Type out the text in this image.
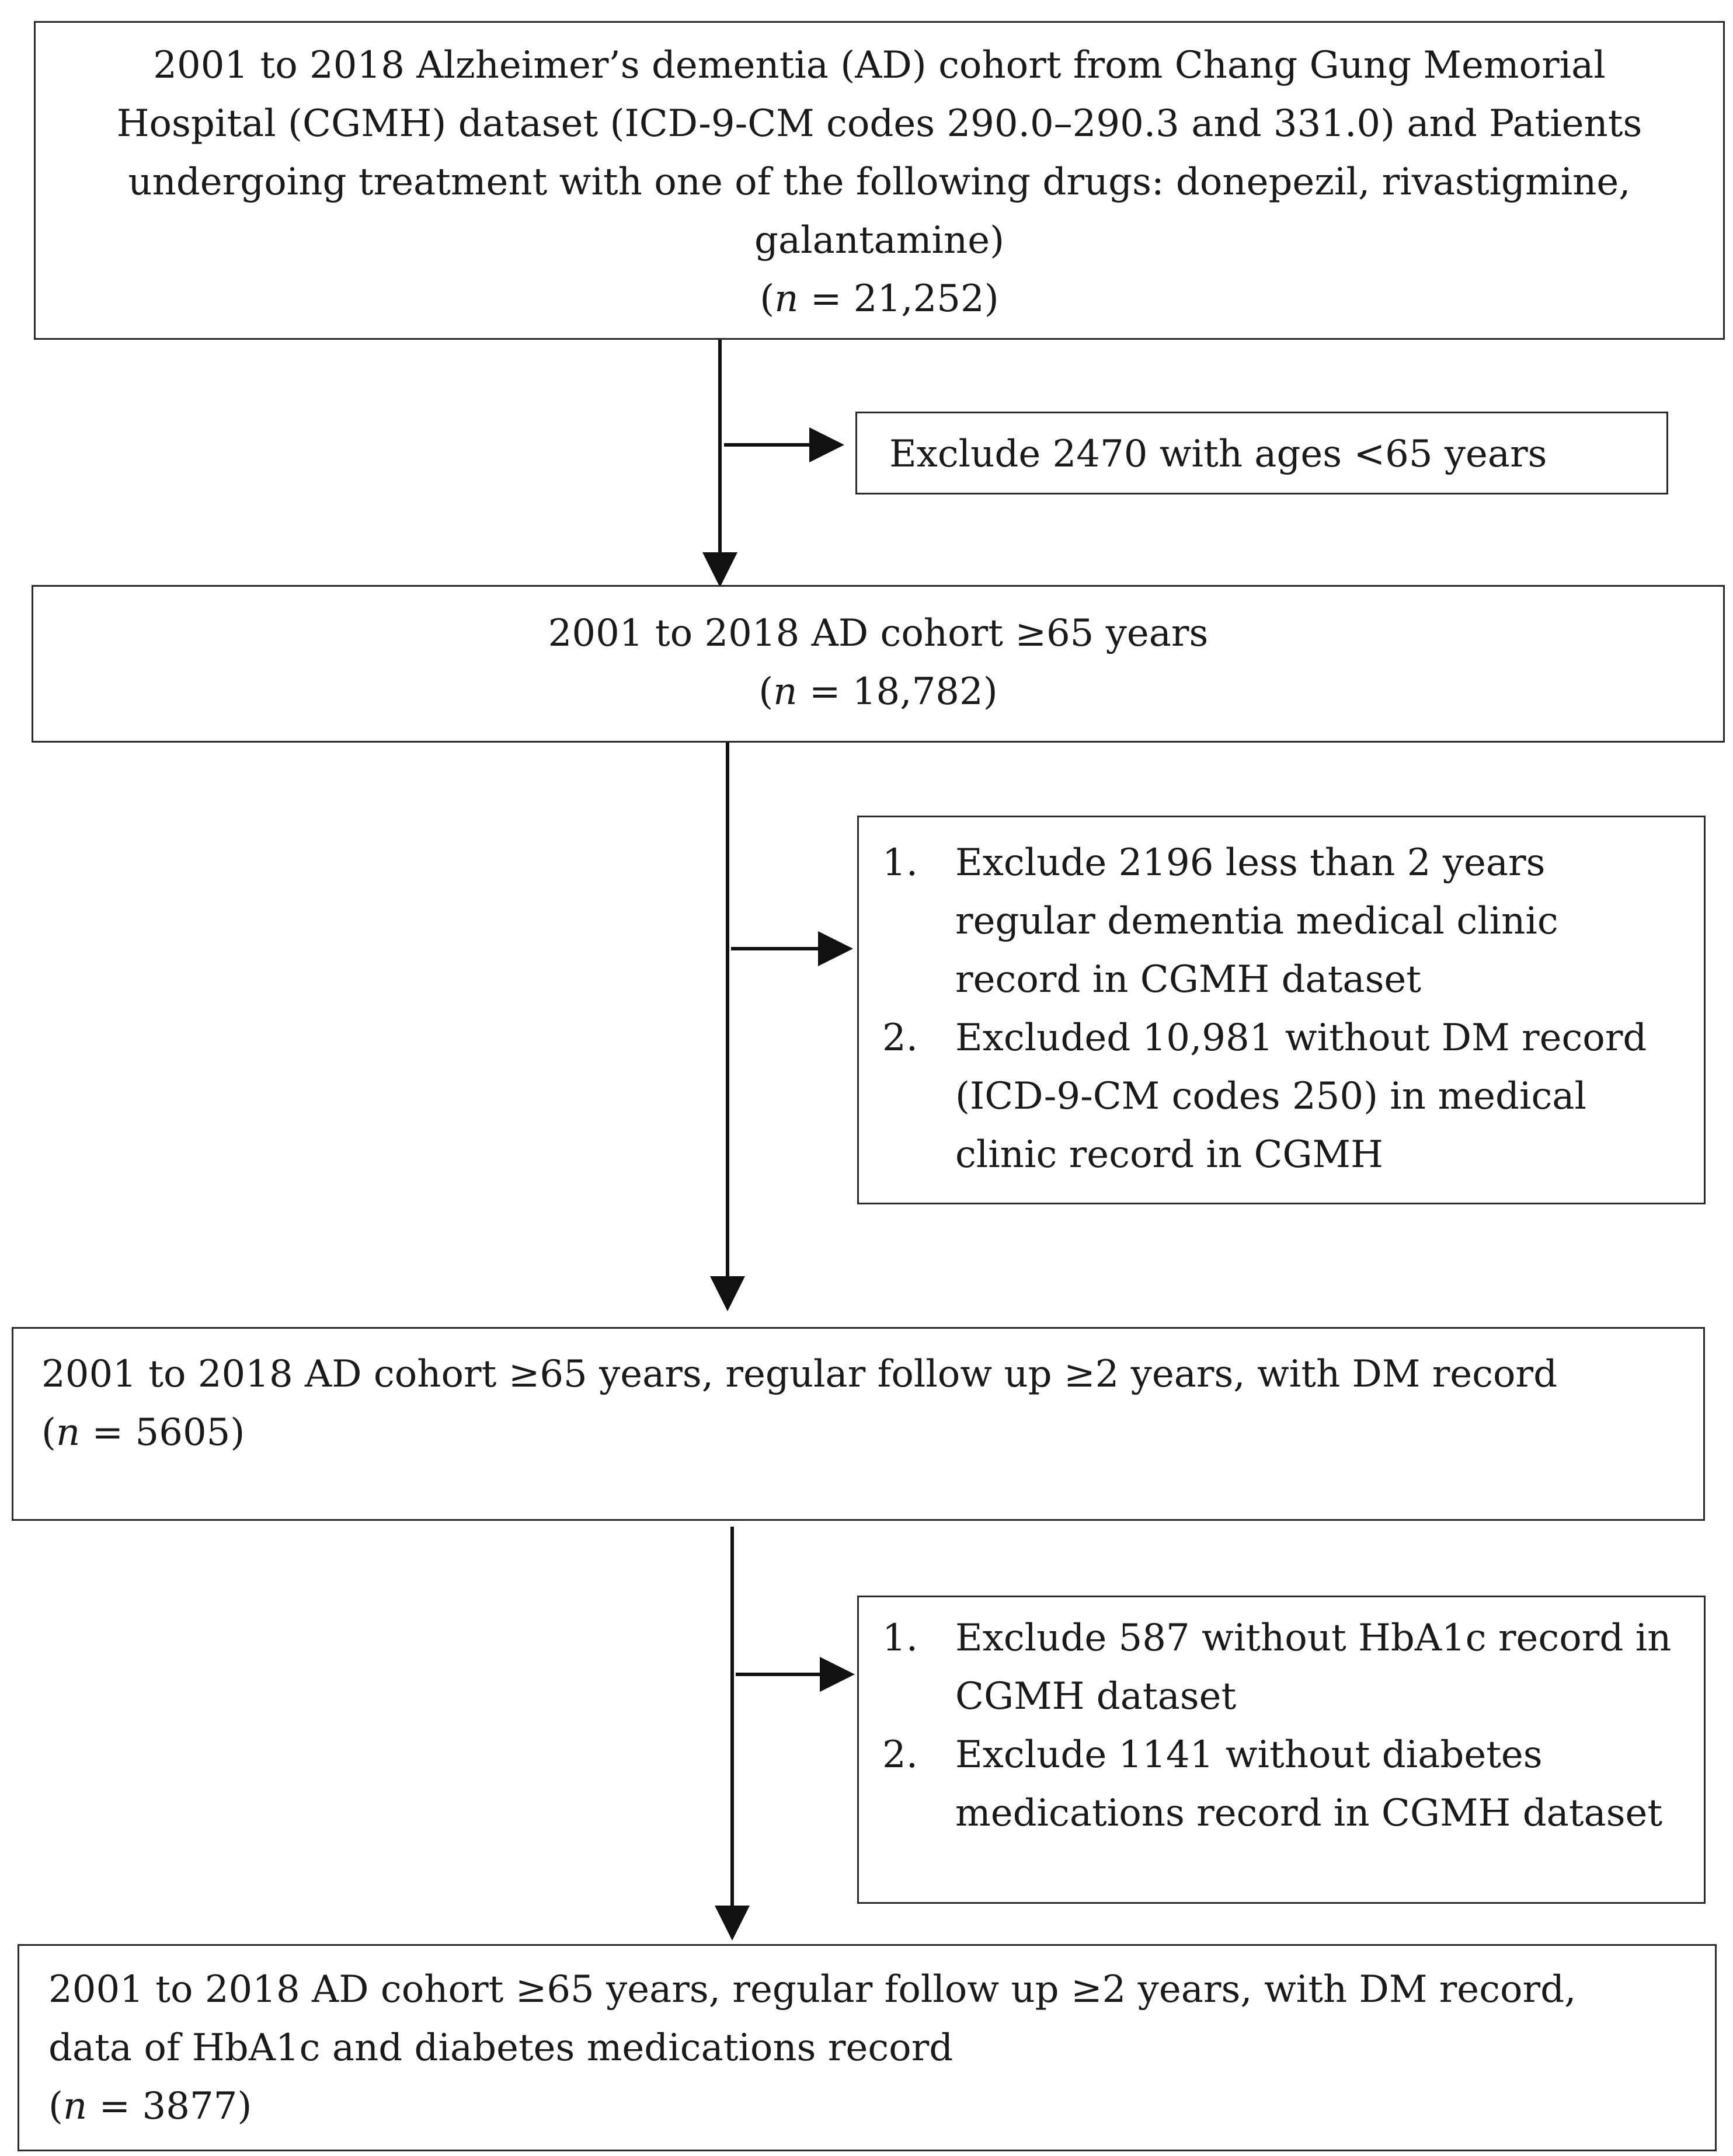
2001 to 2018 Alzheimer’s dementia (AD) cohort from Chang Gung Memorial
Hospital (CGMH) dataset (ICD-9-CM codes 290.0–290.3 and 331.0) and Patients
undergoing treatment with one of the following drugs: donepezil, rivastigmine,
galantamine)
(n = 21,252)
Exclude 2470 with ages <65 years
2001 to 2018 AD cohort ≥65 years
(n = 18,782)
1. Exclude 2196 less than 2 years regular dementia medical clinic record in CGMH dataset
2. Excluded 10,981 without DM record (ICD-9-CM codes 250) in medical clinic record in CGMH
2001 to 2018 AD cohort ≥65 years, regular follow up ≥2 years, with DM record
(n = 5605)
1. Exclude 587 without HbA1c record in CGMH dataset
2. Exclude 1141 without diabetes medications record in CGMH dataset
2001 to 2018 AD cohort ≥65 years, regular follow up ≥2 years, with DM record,
data of HbA1c and diabetes medications record
(n = 3877)
